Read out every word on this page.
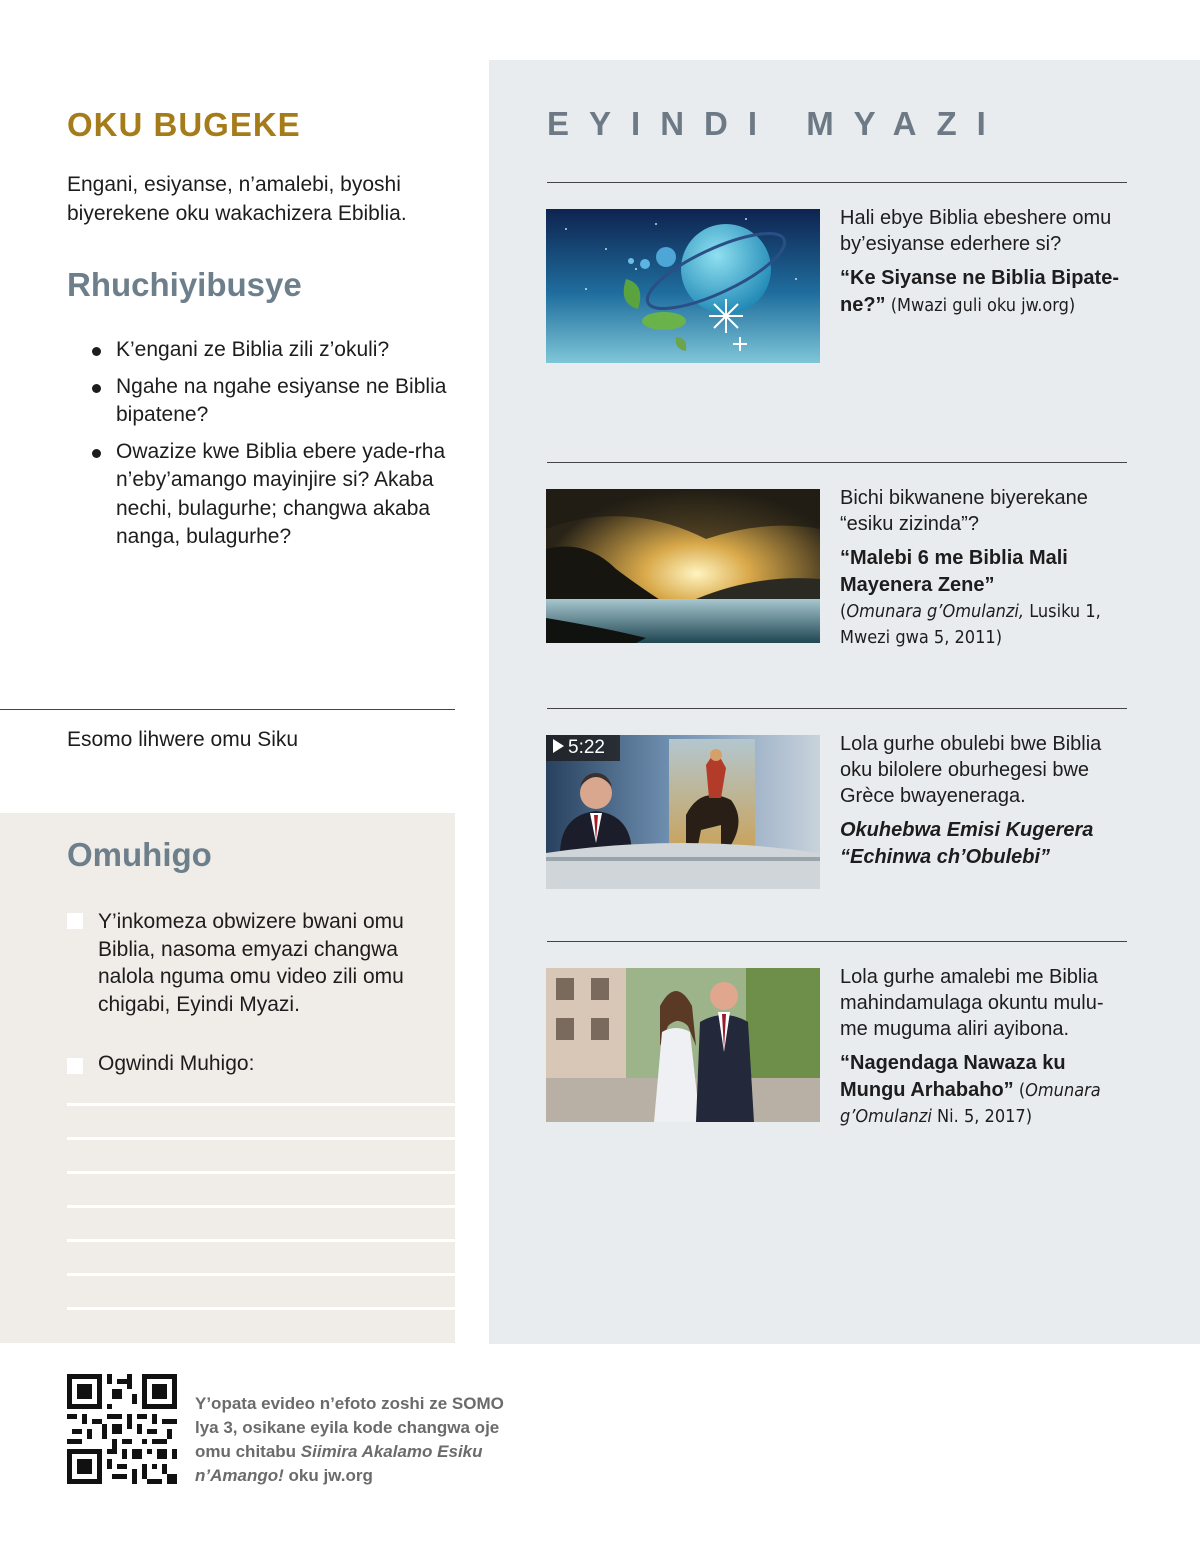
EYINDI MYAZI

Hali ebye Biblia ebeshere omu by’esiyanse ederhere si?

“Ke Siyanse ne Biblia Bipate-ne?” (Mwazi guli oku jw.org)

Bichi bikwanene biyerekane “esiku zizinda”?

“Malebi 6 me Biblia Mali Mayenera Zene”
(Omunara g’Omulanzi, Lusiku 1, Mwezi gwa 5, 2011)

5:22	Lola gurhe obulebi bwe Biblia oku bilolere oburhegesi bwe Grèce bwayeneraga.

Okuhebwa Emisi Kugerera “Echinwa ch’Obulebi”

Lola gurhe amalebi me Biblia mahindamulaga okuntu mulu-me muguma aliri ayibona.

“Nagendaga Nawaza ku Mungu Arhabaho” (Omunara g’Omulanzi Ni. 5, 2017)

OKU BUGEKE
Engani, esiyanse, n’amalebi, byoshi biyerekene oku wakachizera Ebiblia.
Rhuchiyibusye
K’engani ze Biblia zili z’okuli?
Ngahe na ngahe esiyanse ne Biblia bipatene?
Owazize kwe Biblia ebere yade-rha n’eby’amango mayinjire si? Akaba nechi, bulagurhe; changwa akaba nanga, bulagurhe?
Esomo lihwere omu Siku
Omuhigo
Y’inkomeza obwizere bwani omu Biblia, nasoma emyazi changwa nalola nguma omu video zili omu chigabi, Eyindi Myazi.
Ogwindi Muhigo:
Y’opata evideo n’efoto zoshi ze SOMO lya 3, osikane eyila kode changwa oje omu chitabu Siimira Akalamo Esiku n’Amango! oku jw.org
